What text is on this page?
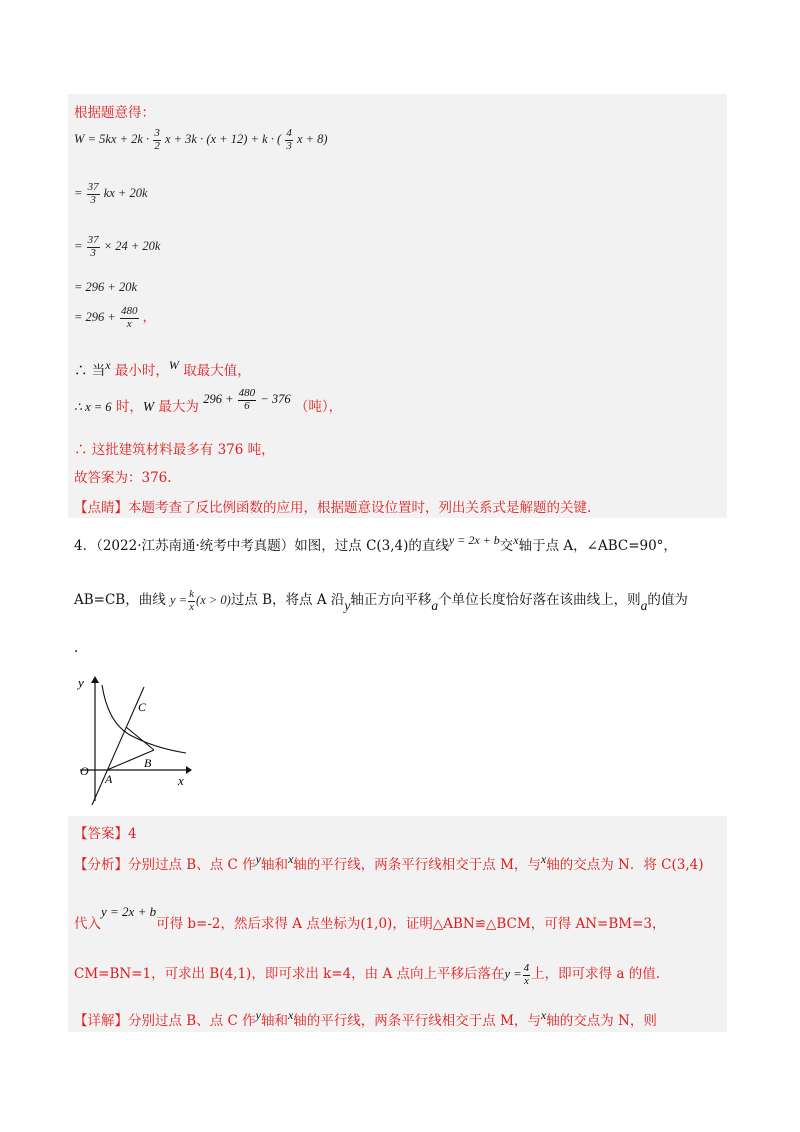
根据题意得：
$W = 5kx + 2k \cdot \frac{3}{2}$ x + 3k · (x + 12) + k · ( $\frac{4}{3}$ x + 8)
= $\frac{37}{3}$ kx + 20k
= $\frac{37}{3} \times 24 + 20k$
= 296 + 20k
= $296 + \frac{480}{x}$ ，
∴ 当x 最小时，W 取最大值，
∴ x = 6 时，W 最大为 $296 + \frac{480}{6} - 376$ （吨），
∴ 这批建筑材料最多有 376 吨，
故答案为：376.
【点睛】本题考查了反比例函数的应用，根据题意设位置时，列出关系式是解题的关键.
4．（2022·江苏南通·统考中考真题）如图，过点 C(3,4)的直线y = 2x + b交x轴于点 A，∠ABC=90°，
AB=CB，曲线 $y = \frac{k}{x} (x > 0)$过点 B，将点 A 沿y轴正方向平移a个单位长度恰好落在该曲线上，则a的值为
.
y
x
O
A
B
C
【答案】4
【分析】分别过点 B、点 C 作y轴和x轴的平行线，两条平行线相交于点 M，与x轴的交点为 N．将 C(3,4)
代入y = 2x + b可得 b=-2，然后求得 A 点坐标为(1,0)，证明△ABN≌△BCM，可得 AN=BM=3，
CM=BN=1，可求出 B(4,1)，即可求出 k=4，由 A 点向上平移后落在$y = \frac{4}{x}$ 上，即可求得 a 的值.
【详解】分别过点 B、点 C 作y轴和x轴的平行线，两条平行线相交于点 M，与x轴的交点为 N，则
